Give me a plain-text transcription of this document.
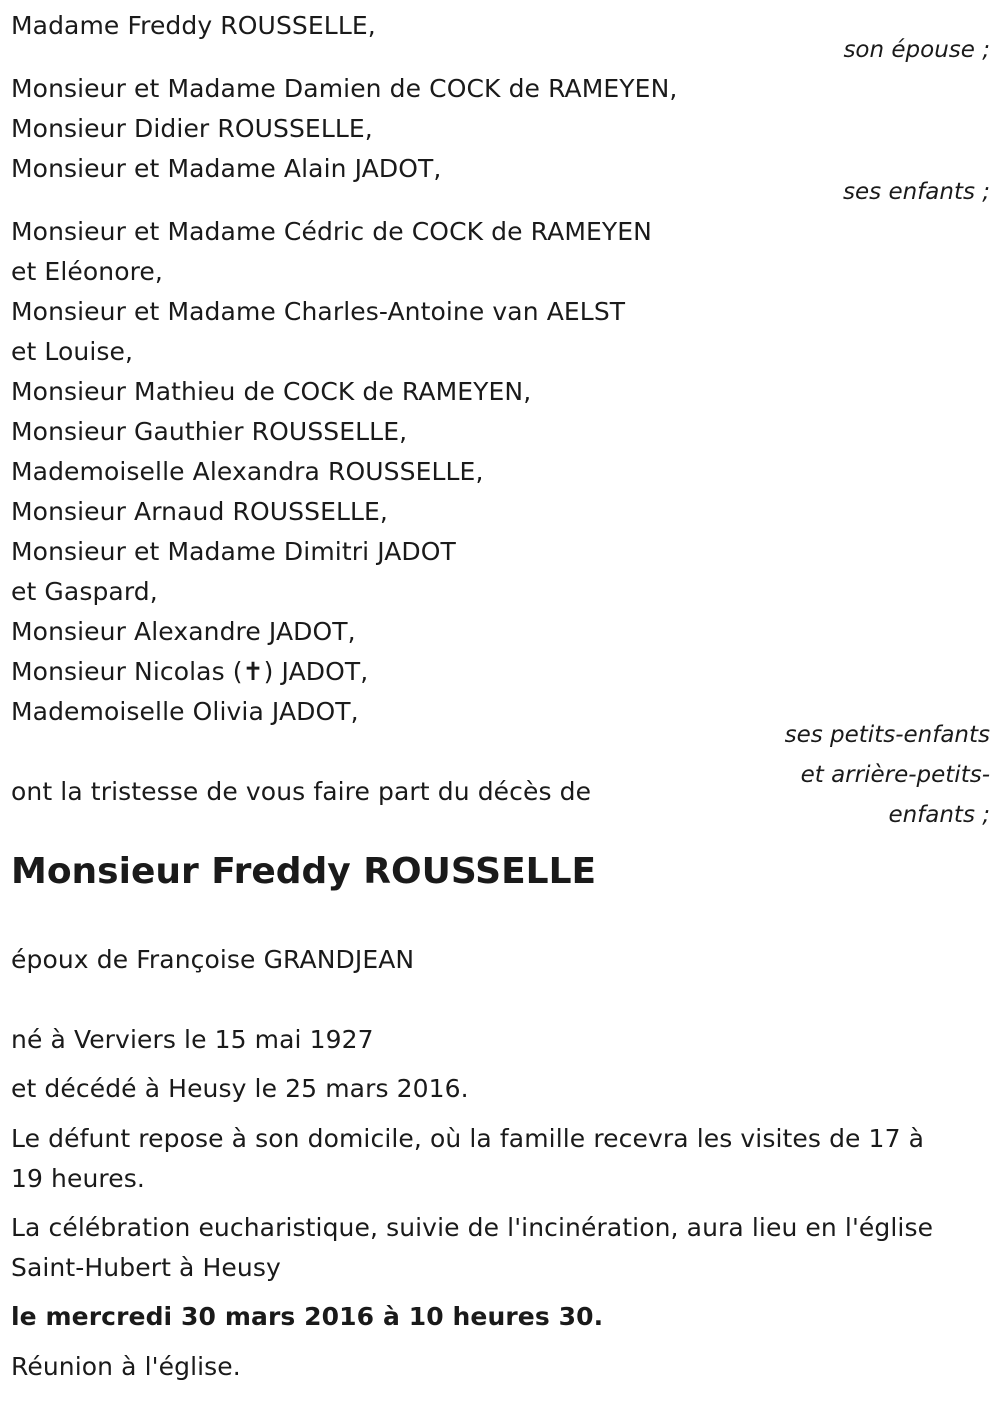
Madame Freddy ROUSSELLE,
son épouse ;
Monsieur et Madame Damien de COCK de RAMEYEN,
Monsieur Didier ROUSSELLE,
Monsieur et Madame Alain JADOT,
ses enfants ;
Monsieur et Madame Cédric de COCK de RAMEYEN
et Eléonore,
Monsieur et Madame Charles-Antoine van AELST
et Louise,
Monsieur Mathieu de COCK de RAMEYEN,
Monsieur Gauthier ROUSSELLE,
Mademoiselle Alexandra ROUSSELLE,
Monsieur Arnaud ROUSSELLE,
Monsieur et Madame Dimitri JADOT
et Gaspard,
Monsieur Alexandre JADOT,
Monsieur Nicolas (✝) JADOT,
Mademoiselle Olivia JADOT,
ses petits-enfants
et arrière-petits-
enfants ;
ont la tristesse de vous faire part du décès de
Monsieur Freddy ROUSSELLE
époux de Françoise GRANDJEAN
né à Verviers le 15 mai 1927
et décédé à Heusy le 25 mars 2016.
Le défunt repose à son domicile, où la famille recevra les visites de 17 à
19 heures.
La célébration eucharistique, suivie de l'incinération, aura lieu en l'église
Saint-Hubert à Heusy
le mercredi 30 mars 2016 à 10 heures 30.
Réunion à l'église.
